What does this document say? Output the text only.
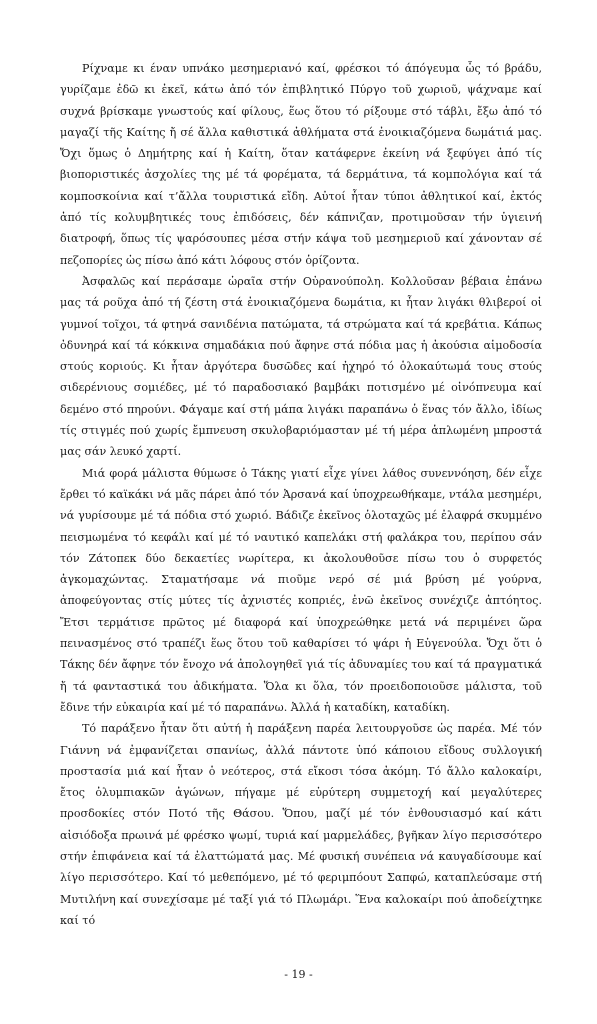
Ρίχναμε κι έναν υπνάκο μεσημεριανό καί, φρέσκοι τό άπόγευμα ὧς τό βράδυ, γυρίζαμε ἐδῶ κι ἐκεῖ, κάτω ἀπό τόν ἐπιβλητικό Πύργο τοῦ χωριοῦ, ψάχναμε καί συχνά βρίσκαμε γνωστούς καί φίλους, ἕως ὅτου τό ρίξουμε στό τάβλι, ἔξω ἀπό τό μαγαζί τῆς Καίτης ἤ σέ ἄλλα καθιστικά ἀθλήματα στά ἐνοικιαζόμενα δωμάτιά μας. Ὄχι ὅμως ὁ Δημήτρης καί ἡ Καίτη, ὅταν κατάφερνε ἐκείνη νά ξεφύγει ἀπό τίς βιοποριστικές ἀσχολίες της μέ τά φορέματα, τά δερμάτινα, τά κομπολόγια καί τά κομποσκοίνια καί τ’ἄλλα τουριστικά εἴδη. Αὐτοί ἦταν τύποι ἀθλητικοί καί, ἐκτός ἀπό τίς κολυμβητικές τους ἐπιδόσεις, δέν κάπνιζαν, προτιμοῦσαν τήν ὑγιεινή διατροφή, ὅπως τίς ψαρόσουπες μέσα στήν κάψα τοῦ μεσημεριοῦ καί χάνονταν σέ πεζοπορίες ὡς πίσω ἀπό κάτι λόφους στόν ὁρίζοντα.

Ἀσφαλῶς καί περάσαμε ὡραῖα στήν Οὐρανούπολη. Κολλοῦσαν βέβαια ἐπάνω μας τά ροῦχα ἀπό τή ζέστη στά ἐνοικιαζόμενα δωμάτια, κι ἦταν λιγάκι θλιβεροί οἱ γυμνοί τοῖχοι, τά φτηνά σανιδένια πατώματα, τά στρώματα καί τά κρεβάτια. Κάπως ὀδυνηρά καί τά κόκκινα σημαδάκια πού ἄφηνε στά πόδια μας ἡ ἀκούσια αἱμοδοσία στούς κοριούς. Κι ἦταν ἀργότερα δυσῶδες καί ἠχηρό τό ὁλοκαύτωμά τους στούς σιδερένιους σομιέδες, μέ τό παραδοσιακό βαμβάκι ποτισμένο μέ οἰνόπνευμα καί δεμένο στό πηρούνι. Φάγαμε καί στή μάπα λιγάκι παραπάνω ὁ ἕνας τόν ἄλλο, ἰδίως τίς στιγμές πού χωρίς ἔμπνευση σκυλοβαριόμασταν μέ τή μέρα ἁπλωμένη μπροστά μας σάν λευκό χαρτί.

Μιά φορά μάλιστα θύμωσε ὁ Τάκης γιατί εἶχε γίνει λάθος συνεννόηση, δέν εἶχε ἔρθει τό καϊκάκι νά μᾶς πάρει ἀπό τόν Ἀρσανά καί ὑποχρεωθήκαμε, ντάλα μεσημέρι, νά γυρίσουμε μέ τά πόδια στό χωριό. Βάδιζε ἐκεῖνος ὁλοταχῶς μέ ἐλαφρά σκυμμένο πεισμωμένα τό κεφάλι καί μέ τό ναυτικό καπελάκι στή φαλάκρα του, περίπου σάν τόν Ζάτοπεκ δύο δεκαετίες νωρίτερα, κι ἀκολουθοῦσε πίσω του ὁ συρφετός ἀγκομαχώντας. Σταματήσαμε νά πιοῦμε νερό σέ μιά βρύση μέ γούρνα, ἀποφεύγοντας στίς μύτες τίς ἀχνιστές κοπριές, ἐνῶ ἐκεῖνος συνέχιζε ἀπτόητος. Ἔτσι τερμάτισε πρῶτος μέ διαφορά καί ὑποχρεώθηκε μετά νά περιμένει ὥρα πεινασμένος στό τραπέζι ἕως ὅτου τοῦ καθαρίσει τό ψάρι ἡ Εὐγενούλα. Ὄχι ὅτι ὁ Τάκης δέν ἄφηνε τόν ἔνοχο νά ἀπολογηθεῖ γιά τίς ἀδυναμίες του καί τά πραγματικά ἤ τά φανταστικά του ἀδικήματα. Ὅλα κι ὅλα, τόν προειδοποιοῦσε μάλιστα, τοῦ ἔδινε τήν εὐκαιρία καί μέ τό παραπάνω. Ἀλλά ἡ καταδίκη, καταδίκη.

Τό παράξενο ἦταν ὅτι αὐτή ἡ παράξενη παρέα λειτουργοῦσε ὡς παρέα. Μέ τόν Γιάννη νά ἐμφανίζεται σπανίως, ἀλλά πάντοτε ὑπό κάποιου εἴδους συλλογική προστασία μιά καί ἦταν ὁ νεότερος, στά εἴκοσι τόσα ἀκόμη. Τό ἄλλο καλοκαίρι, ἔτος ὀλυμπιακῶν ἀγώνων, πήγαμε μέ εὐρύτερη συμμετοχή καί μεγαλύτερες προσδοκίες στόν Ποτό τῆς Θάσου. Ὅπου, μαζί μέ τόν ἐνθουσιασμό καί κάτι αἰσιόδοξα πρωινά μέ φρέσκο ψωμί, τυριά καί μαρμελάδες, βγῆκαν λίγο περισσότερο στήν ἐπιφάνεια καί τά ἐλαττώματά μας. Μέ φυσική συνέπεια νά καυγαδίσουμε καί λίγο περισσότερο. Καί τό μεθεπόμενο, μέ τό φεριμπόουτ Σαπφώ, καταπλεύσαμε στή Μυτιλήνη καί συνεχίσαμε μέ ταξί γιά τό Πλωμάρι. Ἕνα καλοκαίρι πού ἀποδείχτηκε καί τό

- 19 -
